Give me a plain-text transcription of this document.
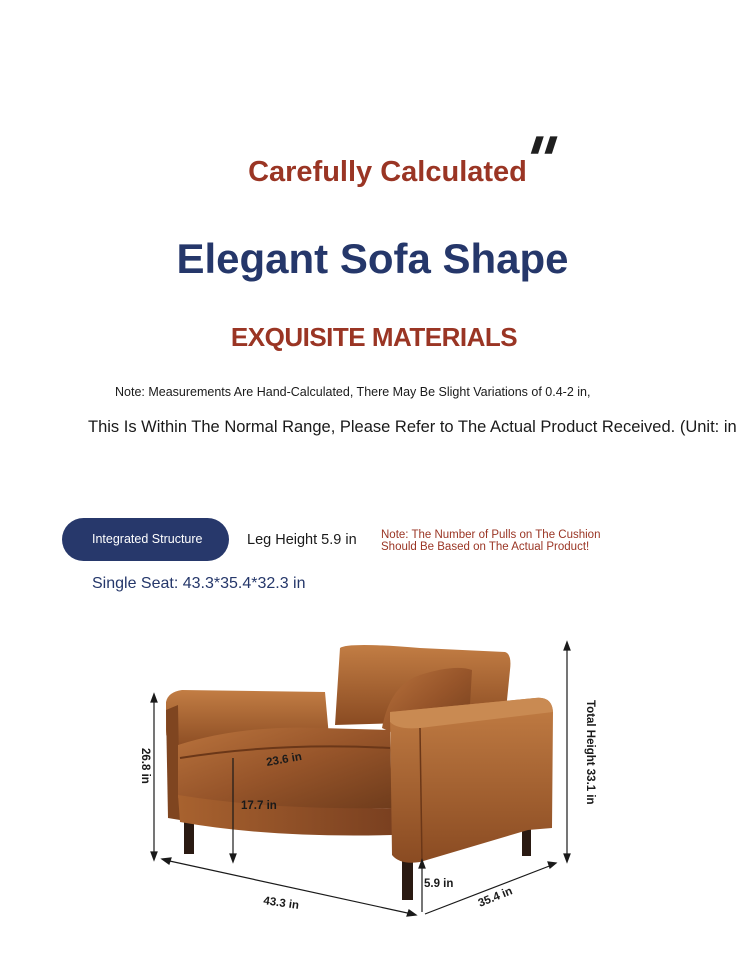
"
Carefully Calculated
Elegant Sofa Shape
EXQUISITE MATERIALS
Note: Measurements Are Hand-Calculated, There May Be Slight Variations of 0.4-2 in,
This Is Within The Normal Range, Please Refer to The Actual Product Received. (Unit: in
Integrated Structure	Leg Height 5.9 in Note: The Number of Pulls on The Cushion
Should Be Based on The Actual Product!
Single Seat: 43.3*35.4*32.3 in
26.8 in	23.6 in
17.7 in
Total Height 33.1 in
43.3 in	35.4 in
5.9 in
